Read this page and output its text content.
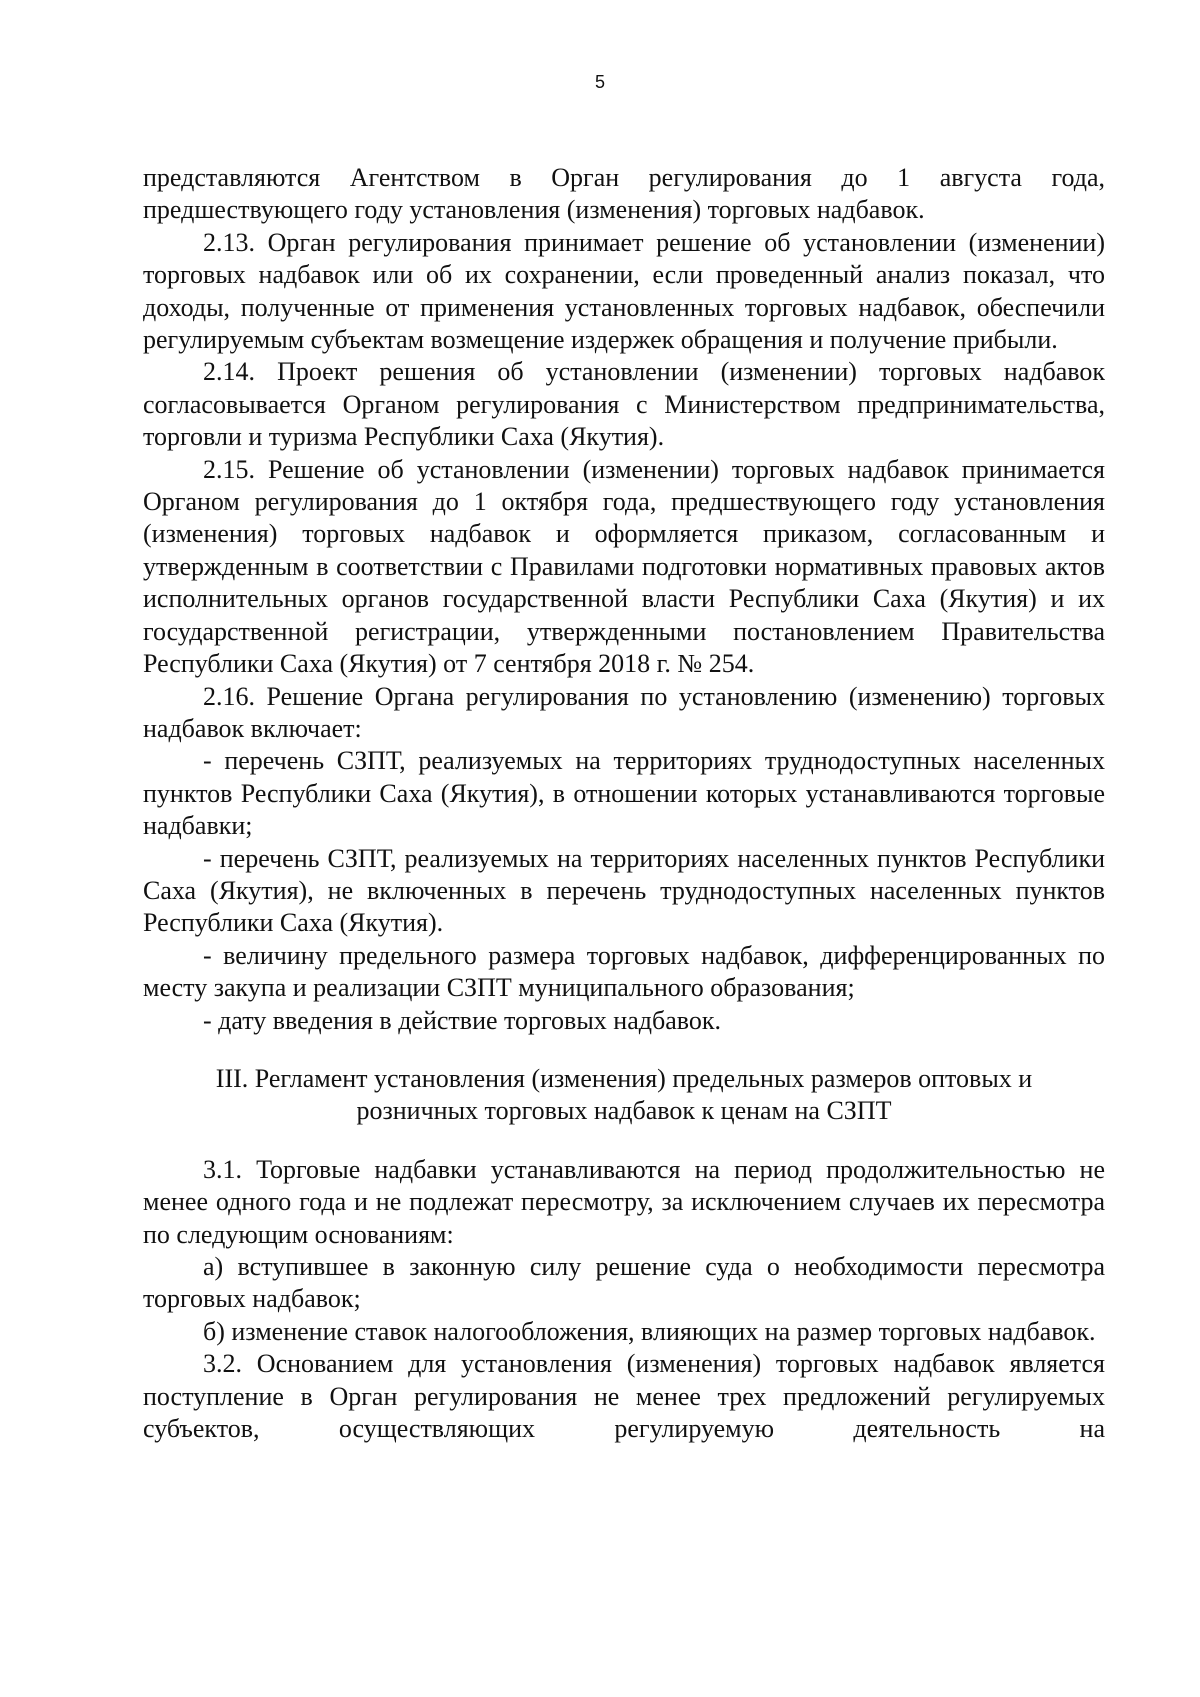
5

представляются Агентством в Орган регулирования до 1 августа года, предшествующего году установления (изменения) торговых надбавок.

2.13. Орган регулирования принимает решение об установлении (изменении) торговых надбавок или об их сохранении, если проведенный анализ показал, что доходы, полученные от применения установленных торговых надбавок, обеспечили регулируемым субъектам возмещение издержек обращения и получение прибыли.

2.14. Проект решения об установлении (изменении) торговых надбавок согласовывается Органом регулирования с Министерством предпринимательства, торговли и туризма Республики Саха (Якутия).

2.15. Решение об установлении (изменении) торговых надбавок принимается Органом регулирования до 1 октября года, предшествующего году установления (изменения) торговых надбавок и оформляется приказом, согласованным и утвержденным в соответствии с Правилами подготовки нормативных правовых актов исполнительных органов государственной власти Республики Саха (Якутия) и их государственной регистрации, утвержденными постановлением Правительства Республики Саха (Якутия) от 7 сентября 2018 г. № 254.

2.16. Решение Органа регулирования по установлению (изменению) торговых надбавок включает:

- перечень СЗПТ, реализуемых на территориях труднодоступных населенных пунктов Республики Саха (Якутия), в отношении которых устанавливаются торговые надбавки;

- перечень СЗПТ, реализуемых на территориях населенных пунктов Республики Саха (Якутия), не включенных в перечень труднодоступных населенных пунктов Республики Саха (Якутия).

- величину предельного размера торговых надбавок, дифференцированных по месту закупа и реализации СЗПТ муниципального образования;

- дату введения в действие торговых надбавок.

III. Регламент установления (изменения) предельных размеров оптовых и
розничных торговых надбавок к ценам на СЗПТ

3.1. Торговые надбавки устанавливаются на период продолжительностью не менее одного года и не подлежат пересмотру, за исключением случаев их пересмотра по следующим основаниям:

а) вступившее в законную силу решение суда о необходимости пересмотра торговых надбавок;

б) изменение ставок налогообложения, влияющих на размер торговых надбавок.

3.2. Основанием для установления (изменения) торговых надбавок является поступление в Орган регулирования не менее трех предложений регулируемых субъектов, осуществляющих регулируемую деятельность на
